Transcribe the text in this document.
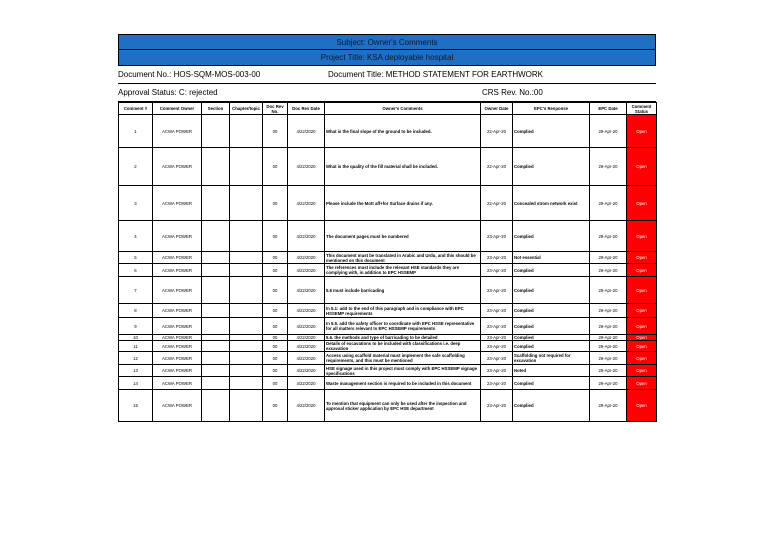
Subject: Owner's Comments
Project Title: KSA deployable hospital
Document No.: HOS-SQM-MOS-003-00	Document Title: METHOD STATEMENT FOR EARTHWORK
Approval Status: C: rejected	CRS Rev. No.:00
Comment #	Comment Owner	Section	Chapter/topic	Doc Rev No.	Doc Rev Date	Owner's Comments	Owner Date	EPC's Response	EPC Date	Comment Status
1	ACWA POWER			00	4/22/2020	What is the final slope of the ground to be included.	22-Apr-20	Complied	29-Apr-20	Open
2	ACWA POWER			00	4/22/2020	What is the quality of the fill material shall be included.	22-Apr-20	Complied	29-Apr-20	Open
3	ACWA POWER			00	4/22/2020	Please include the Mott aff+for Surface drains if any.	22-Apr-20	Concealed strom network exist	29-Apr-20	Open
4	ACWA POWER			00	4/22/2020	The document pages must be numbered	23-Apr-20	Complied	29-Apr-20	Open
5	ACWA POWER			00	4/22/2020	This document must be translated in Arabic and Urdu, and this should be mentioned on this document	23-Apr-20	Not essential	29-Apr-20	Open
6	ACWA POWER			00	4/22/2020	The references must include the relevant HSE standards they are complying with, in addition to EPC HSSEMP	23-Apr-20	Complied	29-Apr-20	Open
7	ACWA POWER			00	4/22/2020	5.6 must include barricading	23-Apr-20	Complied	29-Apr-20	Open
8	ACWA POWER			00	4/22/2020	In 5.1: add to the end of this paragraph and in compliance with EPC HSSEMP requirements	23-Apr-20	Complied	29-Apr-20	Open
9	ACWA POWER			00	4/22/2020	In 5.5. add the safety officer to coordinate with EPC HSSE representative for all matters relevant to EPC HSSEMP requirements	23-Apr-20	Complied	29-Apr-20	Open
10	ACWA POWER			00	4/22/2020	5.6. the methods and type of barricading to be detailed	23-Apr-20	Complied	29-Apr-20	Open
11	ACWA POWER			00	4/22/2020	Details of excavations to be included with classifications i.e. deep excavation	23-Apr-20	Complied	29-Apr-20	Open
12	ACWA POWER			00	4/22/2020	Access using scaffold material must implement the safe scaffolding requirements, and this must be mentioned	23-Apr-20	Scaffolding not required for excavation	29-Apr-20	Open
13	ACWA POWER			00	4/22/2020	HSE signage used in this project must comply with EPC HSSEMP signage specifications	23-Apr-20	Noted	29-Apr-20	Open
14	ACWA POWER			00	4/22/2020	Waste management section is required to be included in this document	23-Apr-20	Complied	29-Apr-20	Open
15	ACWA POWER			00	4/22/2020	To mention that equipment can only be used after the inspection and approval sticker application by EPC HSE department	23-Apr-20	Complied	29-Apr-20	Open
